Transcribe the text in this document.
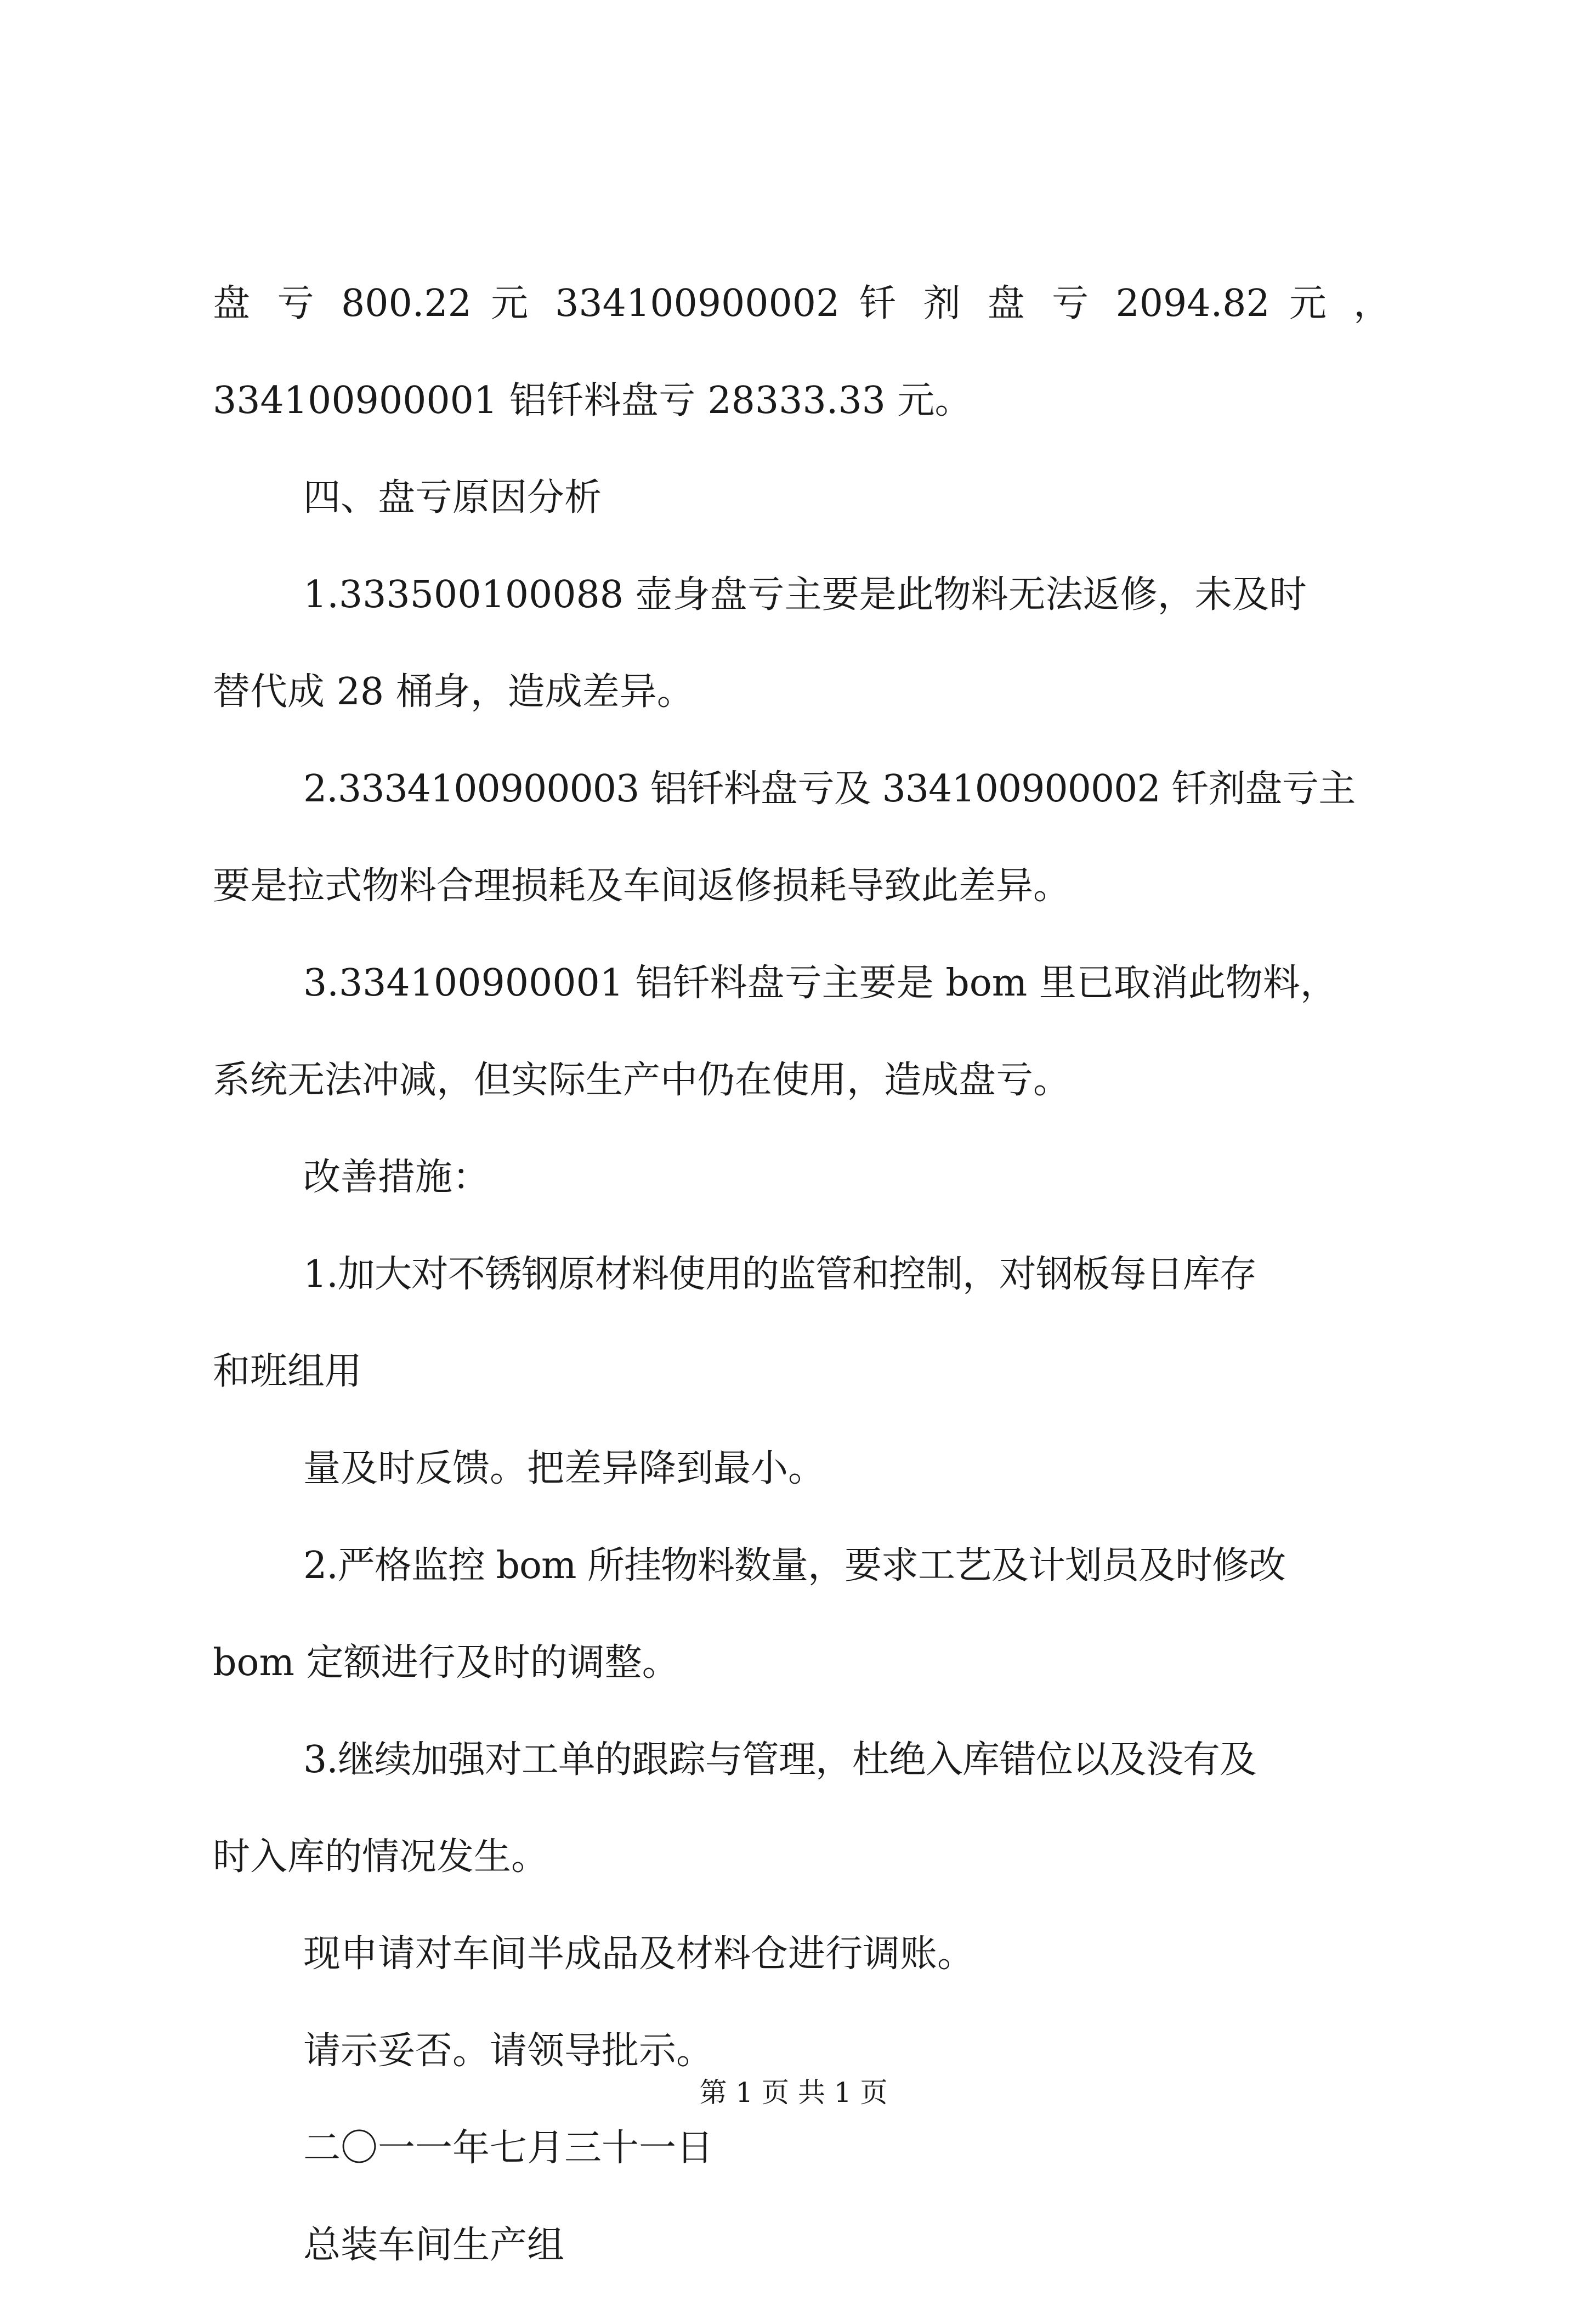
盘 亏 800.22 元 334100900002 钎 剂 盘 亏 2094.82 元 ，
334100900001 铝钎料盘亏 28333.33 元。
四、盘亏原因分析
1.333500100088 壶身盘亏主要是此物料无法返修，未及时
替代成 28 桶身，造成差异。
2.3334100900003 铝钎料盘亏及 334100900002 钎剂盘亏主
要是拉式物料合理损耗及车间返修损耗导致此差异。
3.334100900001 铝钎料盘亏主要是 bom 里已取消此物料，
系统无法冲减，但实际生产中仍在使用，造成盘亏。
改善措施：
1.加大对不锈钢原材料使用的监管和控制，对钢板每日库存
和班组用
量及时反馈。把差异降到最小。
2.严格监控 bom 所挂物料数量，要求工艺及计划员及时修改
bom 定额进行及时的调整。
3.继续加强对工单的跟踪与管理，杜绝入库错位以及没有及
时入库的情况发生。
现申请对车间半成品及材料仓进行调账。
请示妥否。请领导批示。
二〇一一年七月三十一日
总装车间生产组
第 1 页 共 1 页
